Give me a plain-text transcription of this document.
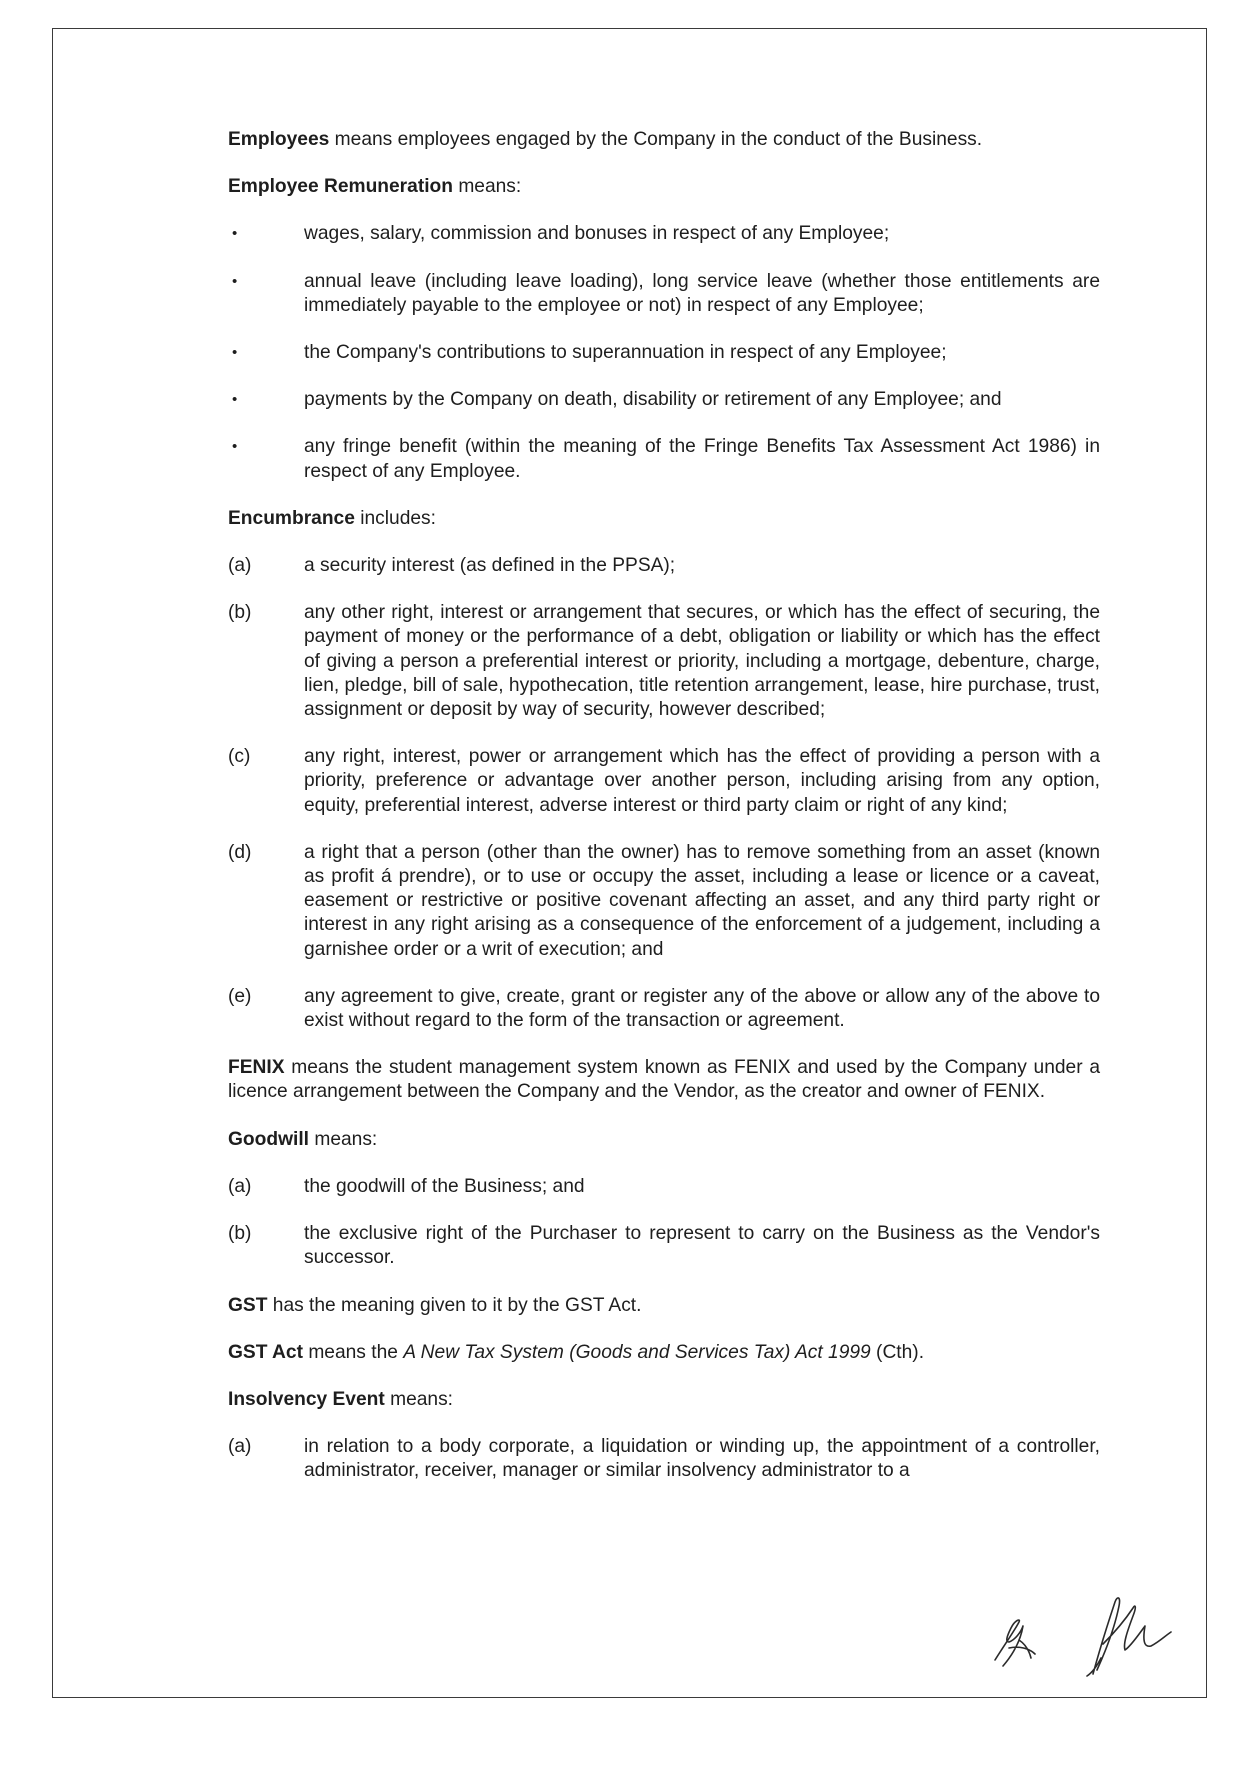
Employees means employees engaged by the Company in the conduct of the Business.

Employee Remuneration means:

•	wages, salary, commission and bonuses in respect of any Employee;
•	annual leave (including leave loading), long service leave (whether those entitlements are immediately payable to the employee or not) in respect of any Employee;
•	the Company's contributions to superannuation in respect of any Employee;
•	payments by the Company on death, disability or retirement of any Employee; and
•	any fringe benefit (within the meaning of the Fringe Benefits Tax Assessment Act 1986) in respect of any Employee.

Encumbrance includes:

(a)	a security interest (as defined in the PPSA);
(b)	any other right, interest or arrangement that secures, or which has the effect of securing, the payment of money or the performance of a debt, obligation or liability or which has the effect of giving a person a preferential interest or priority, including a mortgage, debenture, charge, lien, pledge, bill of sale, hypothecation, title retention arrangement, lease, hire purchase, trust, assignment or deposit by way of security, however described;
(c)	any right, interest, power or arrangement which has the effect of providing a person with a priority, preference or advantage over another person, including arising from any option, equity, preferential interest, adverse interest or third party claim or right of any kind;
(d)	a right that a person (other than the owner) has to remove something from an asset (known as profit á prendre), or to use or occupy the asset, including a lease or licence or a caveat, easement or restrictive or positive covenant affecting an asset, and any third party right or interest in any right arising as a consequence of the enforcement of a judgement, including a garnishee order or a writ of execution; and
(e)	any agreement to give, create, grant or register any of the above or allow any of the above to exist without regard to the form of the transaction or agreement.

FENIX means the student management system known as FENIX and used by the Company under a licence arrangement between the Company and the Vendor, as the creator and owner of FENIX.

Goodwill means:

(a)	the goodwill of the Business; and
(b)	the exclusive right of the Purchaser to represent to carry on the Business as the Vendor's successor.

GST has the meaning given to it by the GST Act.

GST Act means the A New Tax System (Goods and Services Tax) Act 1999 (Cth).

Insolvency Event means:

(a)	in relation to a body corporate, a liquidation or winding up, the appointment of a controller, administrator, receiver, manager or similar insolvency administrator to a
